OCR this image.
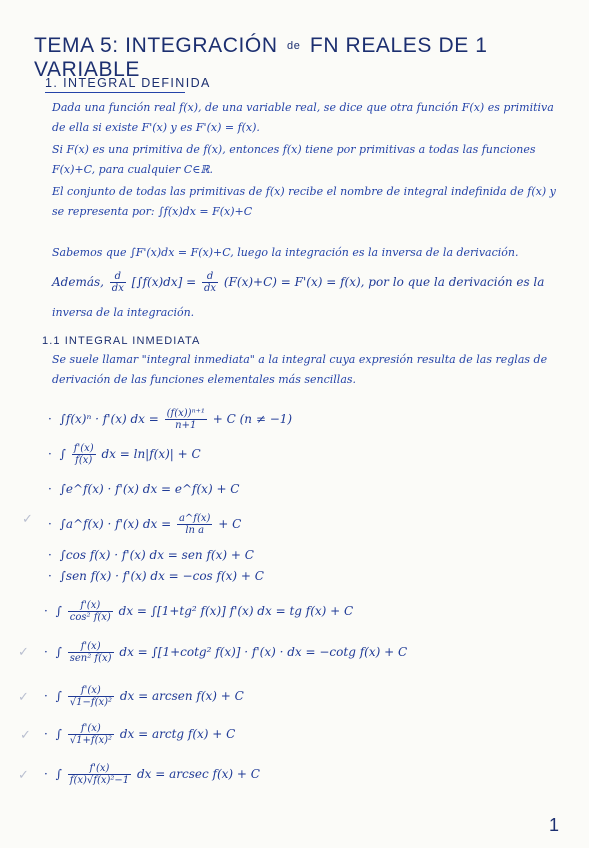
TEMA 5: INTEGRACIÓN de FN REALES DE 1 VARIABLE
1. INTEGRAL DEFINIDA
Dada una función real f(x), de una variable real, se dice que otra función F(x) es primitiva de ella si existe F'(x) y es F'(x) = f(x).
Si F(x) es una primitiva de f(x), entonces f(x) tiene por primitivas a todas las funciones F(x)+C, para cualquier C∈ℝ.
El conjunto de todas las primitivas de f(x) recibe el nombre de integral indefinida de f(x) y se representa por: ∫f(x)dx = F(x)+C
Sabemos que ∫F'(x)dx = F(x)+C, luego la integración es la inversa de la derivación.
Además, $\frac{d}{dx} [\int f(x)dx] = \frac{d}{dx} (F(x)+C) = F'(x) = f(x)$, por lo que la derivación es la
inversa de la integración.
1.1 INTEGRAL INMEDIATA
Se suele llamar "integral inmediata" a la integral cuya expresión resulta de las reglas de derivación de las funciones elementales más sencillas.
· ∫f(x)ⁿ · f'(x) dx = $\frac{\text{(f(x))ⁿ⁺¹}}{n+1} + C$ (n ≠ −1)
· ∫ $\frac{f'(x)}{f(x)}$ dx = ln|f(x)| + C
· ∫e^f(x) · f'(x) dx = e^f(x) + C
· ∫a^f(x) · f'(x) dx = $\frac{a\^{}f(x)}{\text{ln a}} + C$
· ∫cos f(x) · f'(x) dx = sen f(x) + C
· ∫sen f(x) · f'(x) dx = −cos f(x) + C
· ∫ $\frac{f'(x)}{\text{cos² f(x)}}$ dx = ∫[1+tg² f(x)] f'(x) dx = tg f(x) + C
· ∫ $\frac{f'(x)}{\text{sen² f(x)}}$ dx = ∫[1+cotg² f(x)] · f'(x) · dx = −cotg f(x) + C
· ∫ $\frac{f'(x)}{\text{√1−f(x)²}}$ dx = arcsen f(x) + C
· ∫ $\frac{f'(x)}{\text{√1+f(x)²}}$ dx = arctg f(x) + C
· ∫ $\frac{f'(x)}{\text{f(x)√f(x)²−1}}$ dx = arcsec f(x) + C
✓
✓
✓
✓
✓
1
